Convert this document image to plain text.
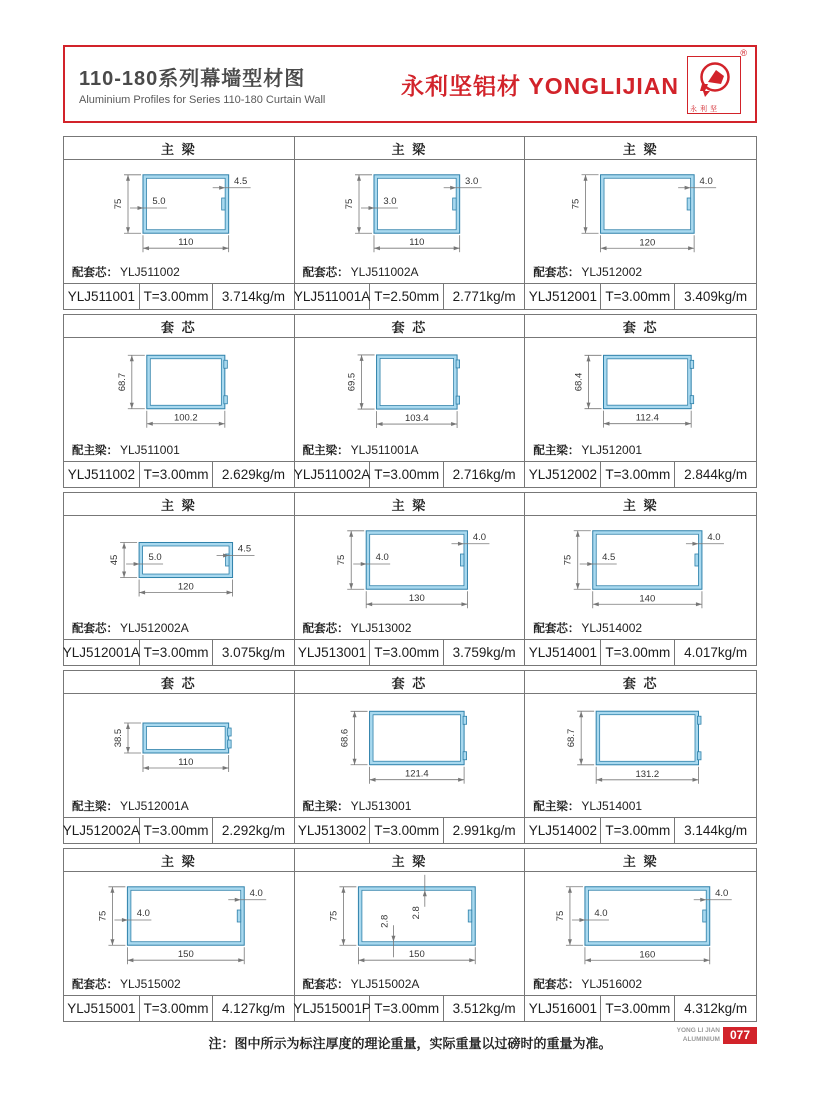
110-180系列幕墙型材图
Aluminium Profiles for Series 110-180 Curtain Wall
永利坚铝材 YONGLIJIAN
®
永利坚
主 梁
75
110
5.0
4.5
配套芯： YLJ511002
YLJ511001 T=3.00mm 3.714kg/m
主 梁
75
110
3.0
3.0
配套芯： YLJ511002A
YLJ511001A T=2.50mm 2.771kg/m
主 梁
75
120
4.0
配套芯： YLJ512002
YLJ512001 T=3.00mm	3.409kg/m
套 芯
68.7
100.2
配主梁： YLJ511001
YLJ511002 T=3.00mm 2.629kg/m
套 芯
69.5
103.4
配主梁： YLJ511001A
YLJ511002A T=3.00mm 2.716kg/m
套 芯
68.4
112.4
配主梁： YLJ512001
YLJ512002 T=3.00mm	2.844kg/m
主 梁
45
120
5.0
4.5
配套芯： YLJ512002A
YLJ512001A T=3.00mm 3.075kg/m
主 梁
75
130
4.0
4.0
配套芯： YLJ513002
YLJ513001 T=3.00mm 3.759kg/m
主 梁
75
140
4.5
4.0
配套芯： YLJ514002
YLJ514001 T=3.00mm	4.017kg/m
套 芯
38.5
110
配主梁： YLJ512001A
YLJ512002A T=3.00mm 2.292kg/m
套 芯
68.6
121.4
配主梁： YLJ513001
YLJ513002 T=3.00mm 2.991kg/m
套 芯
68.7
131.2
配主梁： YLJ514001
YLJ514002 T=3.00mm	3.144kg/m
主 梁
75
150
4.0
4.0
配套芯： YLJ515002
YLJ515001 T=3.00mm 4.127kg/m
主 梁
75
150
2.8
2.8
配套芯： YLJ515002A
YLJ515001P T=3.00mm 3.512kg/m
主 梁
75
160
4.0
4.0
配套芯： YLJ516002
YLJ516001 T=3.00mm	4.312kg/m
注：图中所示为标注厚度的理论重量，实际重量以过磅时的重量为准。
YONG LI JIAN
ALUMINIUM 077
